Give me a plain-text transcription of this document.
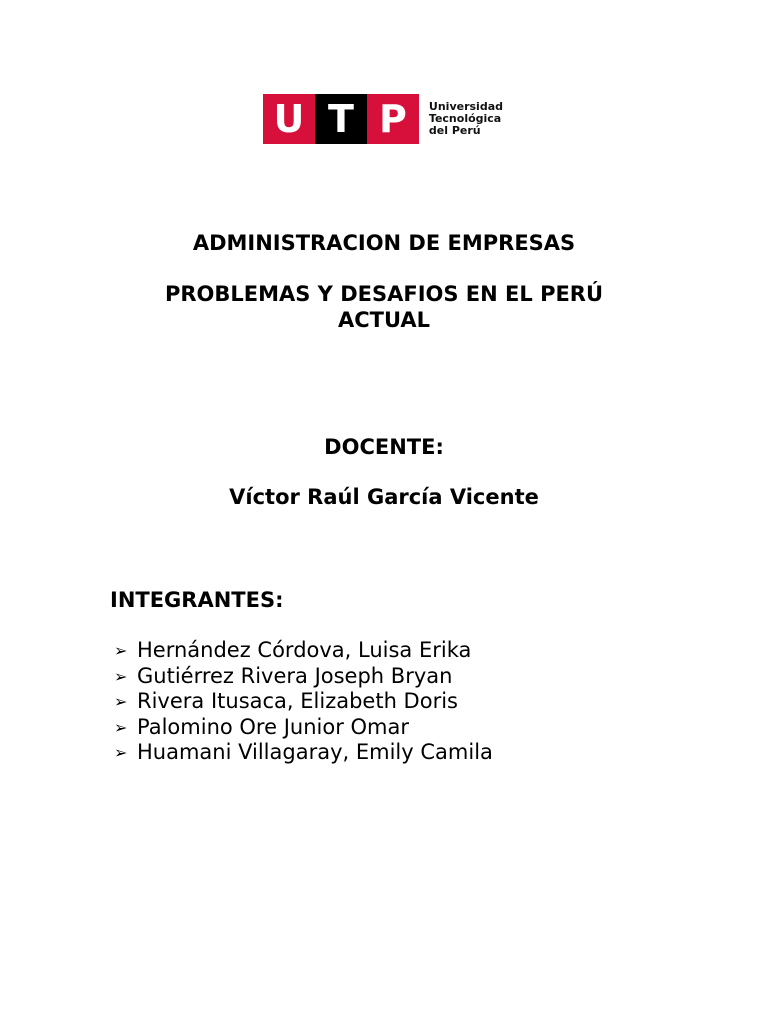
U T P	Universidad
Tecnológica
del Perú

ADMINISTRACION DE EMPRESAS

PROBLEMAS Y DESAFIOS EN EL PERÚ ACTUAL

DOCENTE:

Víctor Raúl García Vicente

INTEGRANTES:

➢ Hernández Córdova, Luisa Erika
➢ Gutiérrez Rivera Joseph Bryan
➢ Rivera Itusaca, Elizabeth Doris
➢ Palomino Ore Junior Omar
➢ Huamani Villagaray, Emily Camila
